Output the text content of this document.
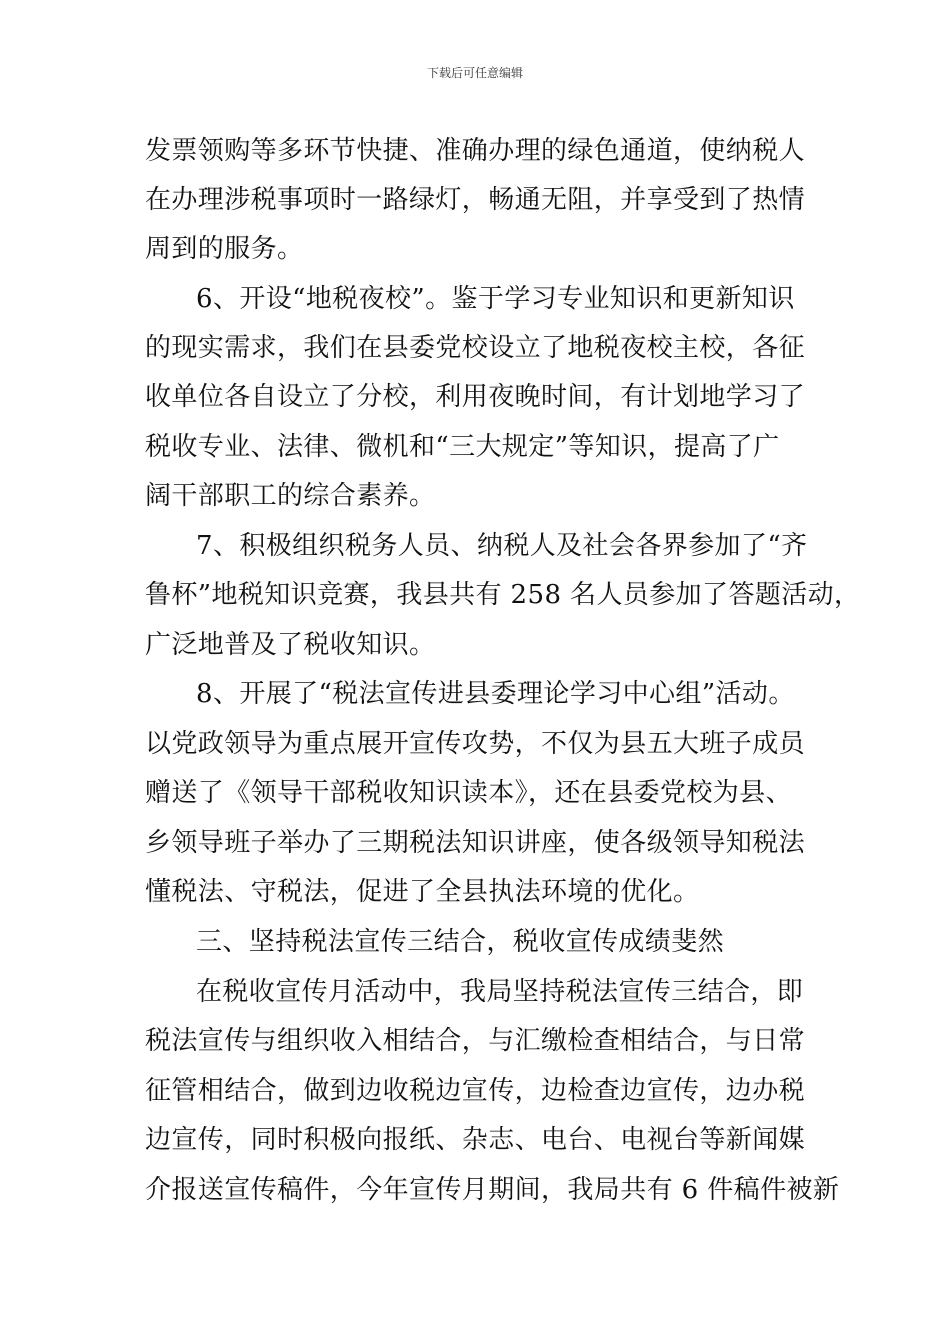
下载后可任意编辑
发票领购等多环节快捷、准确办理的绿色通道，使纳税人
在办理涉税事项时一路绿灯，畅通无阻，并享受到了热情
周到的服务。
6、开设“地税夜校”。鉴于学习专业知识和更新知识
的现实需求，我们在县委党校设立了地税夜校主校，各征
收单位各自设立了分校，利用夜晚时间，有计划地学习了
税收专业、法律、微机和“三大规定”等知识，提高了广
阔干部职工的综合素养。
7、积极组织税务人员、纳税人及社会各界参加了“齐
鲁杯”地税知识竞赛，我县共有 258 名人员参加了答题活动，
广泛地普及了税收知识。
8、开展了“税法宣传进县委理论学习中心组”活动。
以党政领导为重点展开宣传攻势，不仅为县五大班子成员
赠送了《领导干部税收知识读本》，还在县委党校为县、
乡领导班子举办了三期税法知识讲座，使各级领导知税法
懂税法、守税法，促进了全县执法环境的优化。
三、坚持税法宣传三结合，税收宣传成绩斐然
在税收宣传月活动中，我局坚持税法宣传三结合，即
税法宣传与组织收入相结合，与汇缴检查相结合，与日常
征管相结合，做到边收税边宣传，边检查边宣传，边办税
边宣传，同时积极向报纸、杂志、电台、电视台等新闻媒
介报送宣传稿件，今年宣传月期间，我局共有 6 件稿件被新
